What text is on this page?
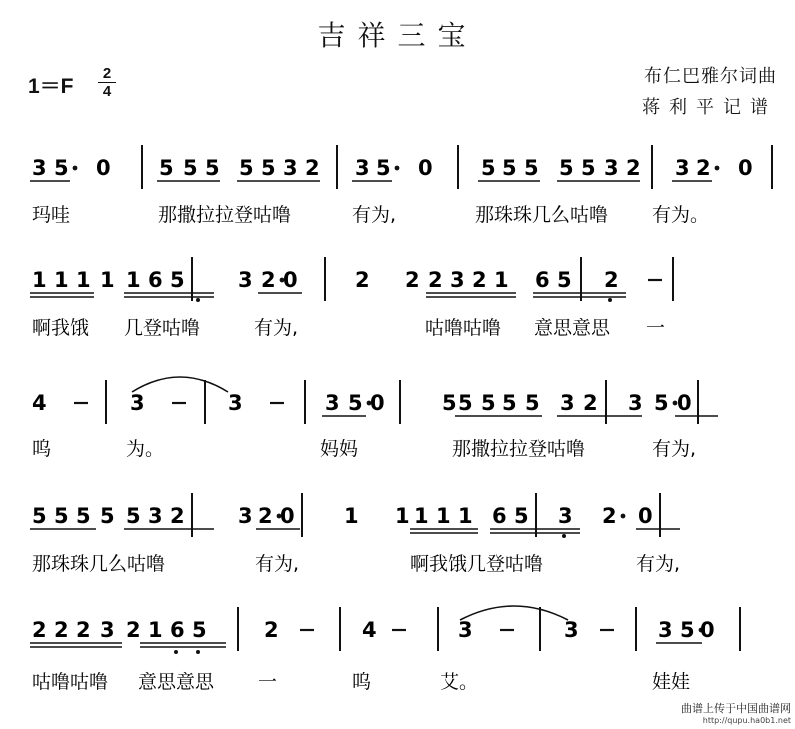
吉祥三宝
1＝F
2
4
布仁巴雅尔词曲
蒋利平记谱
3 5 0 5 5 5 5 5 3 2 3 5 0 5 5 5 5 5 3 2 3 2 0
玛哇	那撒拉拉登咕噜	有为,	那珠珠几么咕噜 有为。
1 1 1 1 1 6 5	3 2 0	2 2 2 3 2 1 6 5 2
啊我饿 几登咕噜	有为,	咕噜咕噜 意思意思 一
4	3	3	3 5 0	5 5 5 5 5 3 2 3 5 0
呜	为。	妈妈	那撒拉拉登咕噜	有为,
5 5 5 5 5 3 2	3 2 0 1 1 1 1 1 6 5 3 2 0
那珠珠几么咕噜	有为,	啊我饿几登咕噜	有为,
2 2 2 3 2 1 6 5	2	4	3	3	3 5 0
咕噜咕噜 意思意思 一	呜	艾。	娃娃
曲谱上传于中国曲谱网
http://qupu.ha0b1.net
